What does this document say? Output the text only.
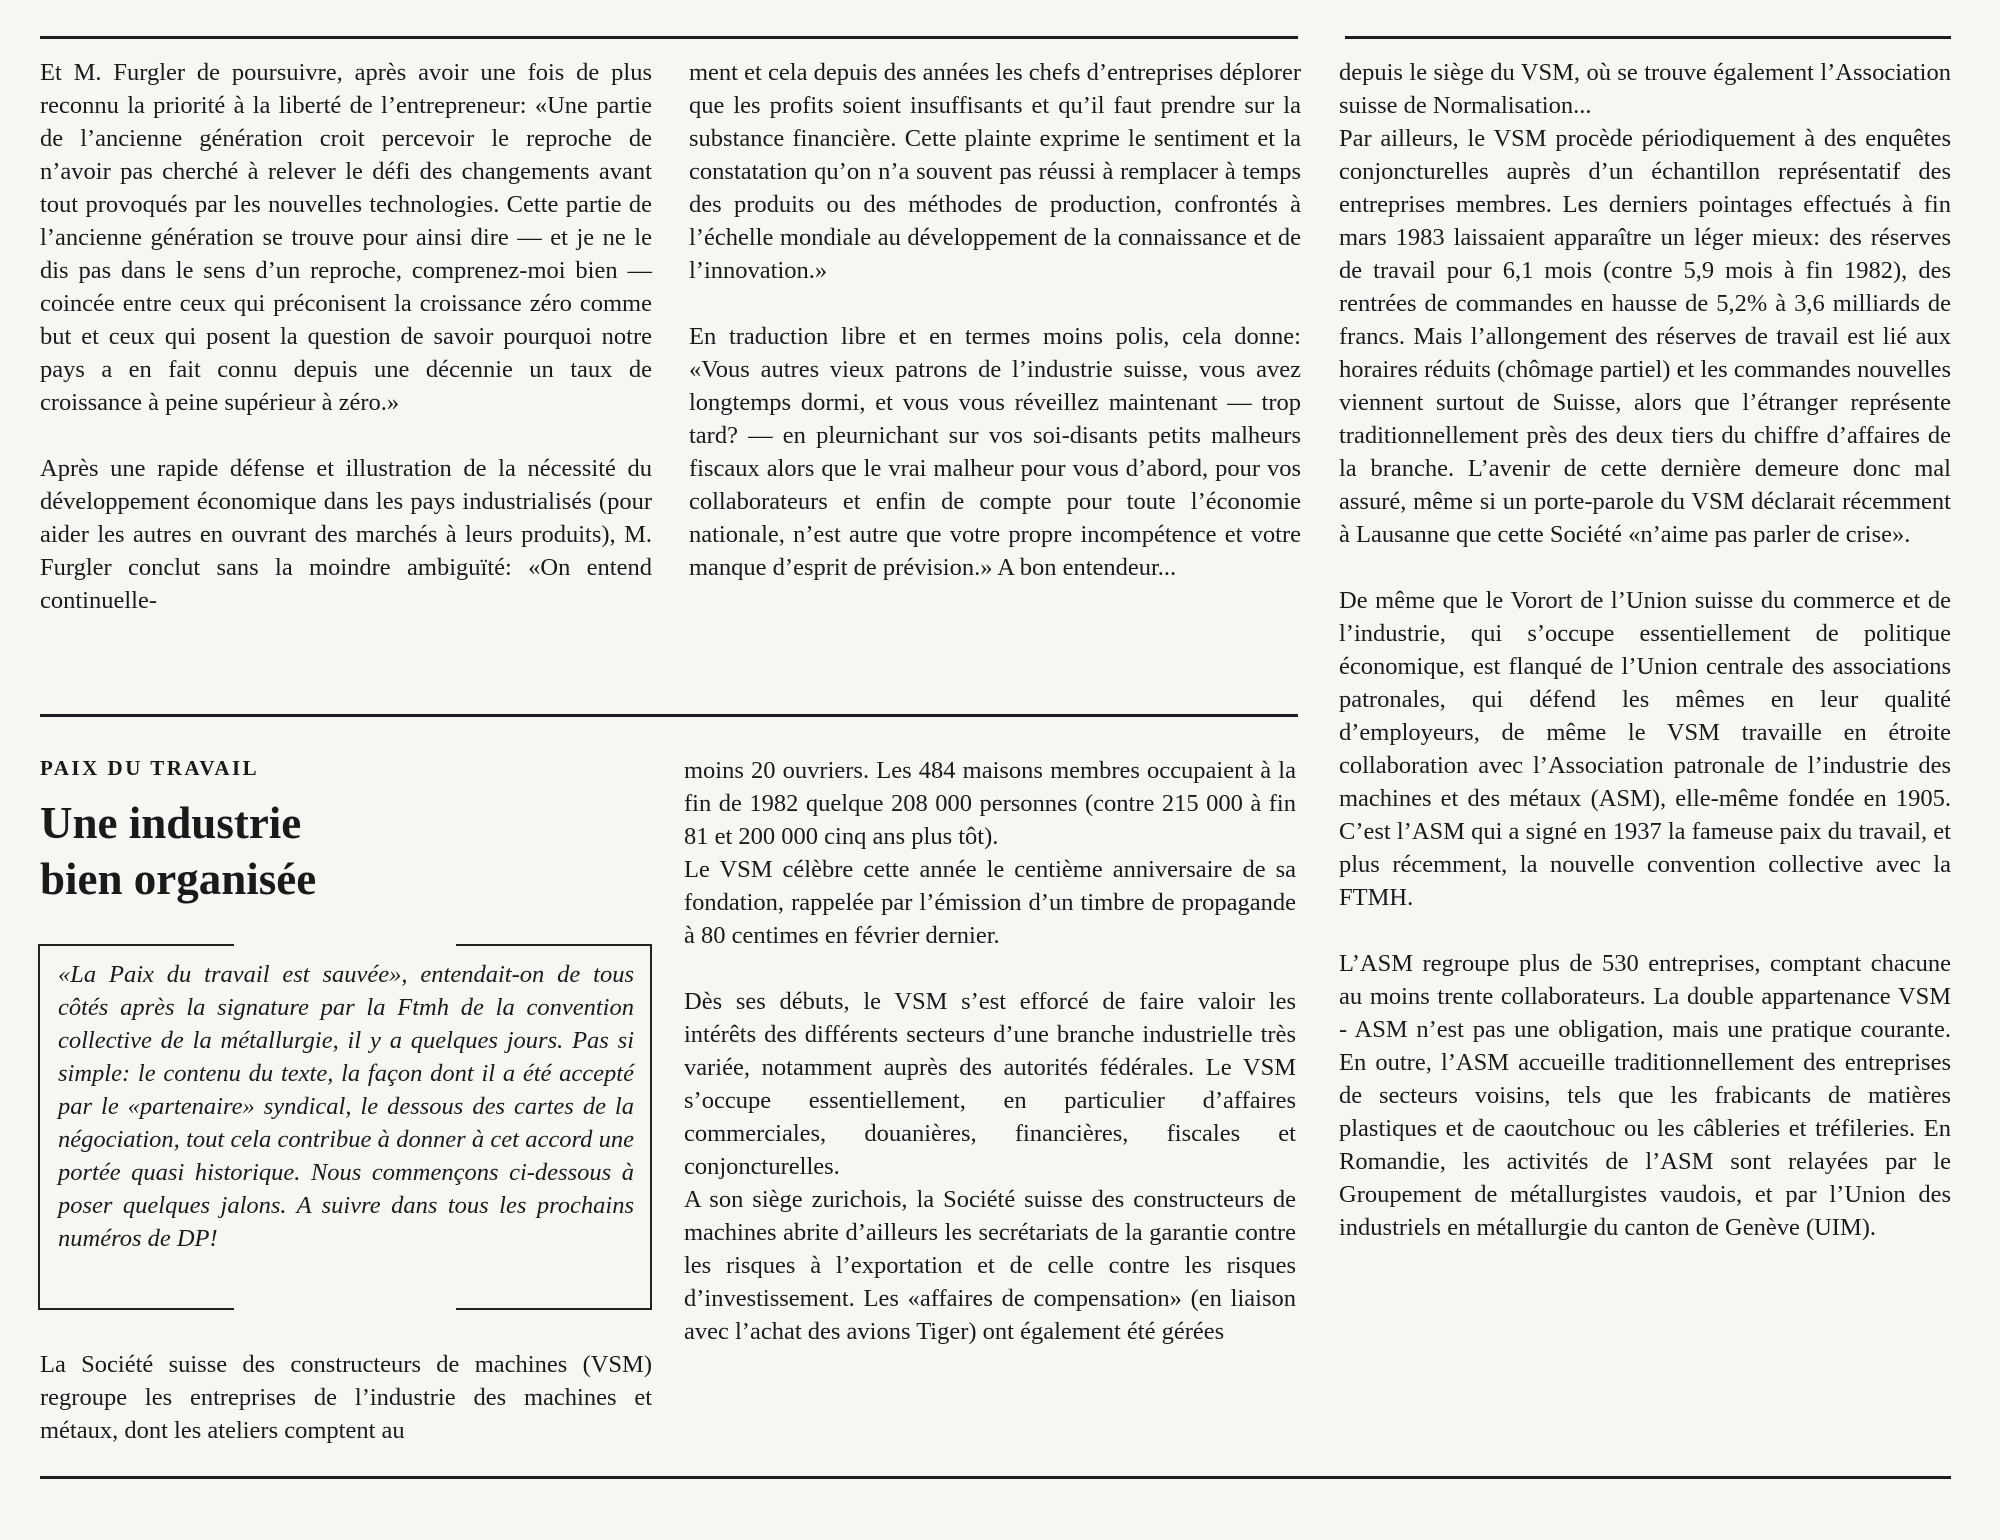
Et M. Furgler de poursuivre, après avoir une fois de plus reconnu la priorité à la liberté de l’entrepreneur: «Une partie de l’ancienne génération croit percevoir le reproche de n’avoir pas cherché à relever le défi des changements avant tout provoqués par les nouvelles technologies. Cette partie de l’ancienne génération se trouve pour ainsi dire — et je ne le dis pas dans le sens d’un reproche, comprenez-moi bien — coincée entre ceux qui préconisent la croissance zéro comme but et ceux qui posent la question de savoir pourquoi notre pays a en fait connu depuis une décennie un taux de croissance à peine supérieur à zéro.»

Après une rapide défense et illustration de la nécessité du développement économique dans les pays industrialisés (pour aider les autres en ouvrant des marchés à leurs produits), M. Furgler conclut sans la moindre ambiguïté: «On entend continuelle-

ment et cela depuis des années les chefs d’entreprises déplorer que les profits soient insuffisants et qu’il faut prendre sur la substance financière. Cette plainte exprime le sentiment et la constatation qu’on n’a souvent pas réussi à remplacer à temps des produits ou des méthodes de production, confrontés à l’échelle mondiale au développement de la connaissance et de l’innovation.»

En traduction libre et en termes moins polis, cela donne: «Vous autres vieux patrons de l’industrie suisse, vous avez longtemps dormi, et vous vous réveillez maintenant — trop tard? — en pleurnichant sur vos soi-disants petits malheurs fiscaux alors que le vrai malheur pour vous d’abord, pour vos collaborateurs et enfin de compte pour toute l’économie nationale, n’est autre que votre propre incompétence et votre manque d’esprit de prévision.» A bon entendeur...

PAIX DU TRAVAIL
Une industrie
bien organisée

«La Paix du travail est sauvée», entendait-on de tous côtés après la signature par la Ftmh de la convention collective de la métallurgie, il y a quelques jours. Pas si simple: le contenu du texte, la façon dont il a été accepté par le «partenaire» syndical, le dessous des cartes de la négociation, tout cela contribue à donner à cet accord une portée quasi historique. Nous commençons ci-dessous à poser quelques jalons. A suivre dans tous les prochains numéros de DP!

La Société suisse des constructeurs de machines (VSM) regroupe les entreprises de l’industrie des machines et métaux, dont les ateliers comptent au

moins 20 ouvriers. Les 484 maisons membres occupaient à la fin de 1982 quelque 208 000 personnes (contre 215 000 à fin 81 et 200 000 cinq ans plus tôt).

Le VSM célèbre cette année le centième anniversaire de sa fondation, rappelée par l’émission d’un timbre de propagande à 80 centimes en février dernier.

Dès ses débuts, le VSM s’est efforcé de faire valoir les intérêts des différents secteurs d’une branche industrielle très variée, notamment auprès des autorités fédérales. Le VSM s’occupe essentiellement, en particulier d’affaires commerciales, douanières, financières, fiscales et conjoncturelles.

A son siège zurichois, la Société suisse des constructeurs de machines abrite d’ailleurs les secrétariats de la garantie contre les risques à l’exportation et de celle contre les risques d’investissement. Les «affaires de compensation» (en liaison avec l’achat des avions Tiger) ont également été gérées

depuis le siège du VSM, où se trouve également l’Association suisse de Normalisation...

Par ailleurs, le VSM procède périodiquement à des enquêtes conjoncturelles auprès d’un échantillon représentatif des entreprises membres. Les derniers pointages effectués à fin mars 1983 laissaient apparaître un léger mieux: des réserves de travail pour 6,1 mois (contre 5,9 mois à fin 1982), des rentrées de commandes en hausse de 5,2% à 3,6 milliards de francs. Mais l’allongement des réserves de travail est lié aux horaires réduits (chômage partiel) et les commandes nouvelles viennent surtout de Suisse, alors que l’étranger représente traditionnellement près des deux tiers du chiffre d’affaires de la branche. L’avenir de cette dernière demeure donc mal assuré, même si un porte-parole du VSM déclarait récemment à Lausanne que cette Société «n’aime pas parler de crise».

De même que le Vorort de l’Union suisse du commerce et de l’industrie, qui s’occupe essentiellement de politique économique, est flanqué de l’Union centrale des associations patronales, qui défend les mêmes en leur qualité d’employeurs, de même le VSM travaille en étroite collaboration avec l’Association patronale de l’industrie des machines et des métaux (ASM), elle-même fondée en 1905. C’est l’ASM qui a signé en 1937 la fameuse paix du travail, et plus récemment, la nouvelle convention collective avec la FTMH.

L’ASM regroupe plus de 530 entreprises, comptant chacune au moins trente collaborateurs. La double appartenance VSM - ASM n’est pas une obligation, mais une pratique courante. En outre, l’ASM accueille traditionnellement des entreprises de secteurs voisins, tels que les frabicants de matières plastiques et de caoutchouc ou les câbleries et tréfileries. En Romandie, les activités de l’ASM sont relayées par le Groupement de métallurgistes vaudois, et par l’Union des industriels en métallurgie du canton de Genève (UIM).
